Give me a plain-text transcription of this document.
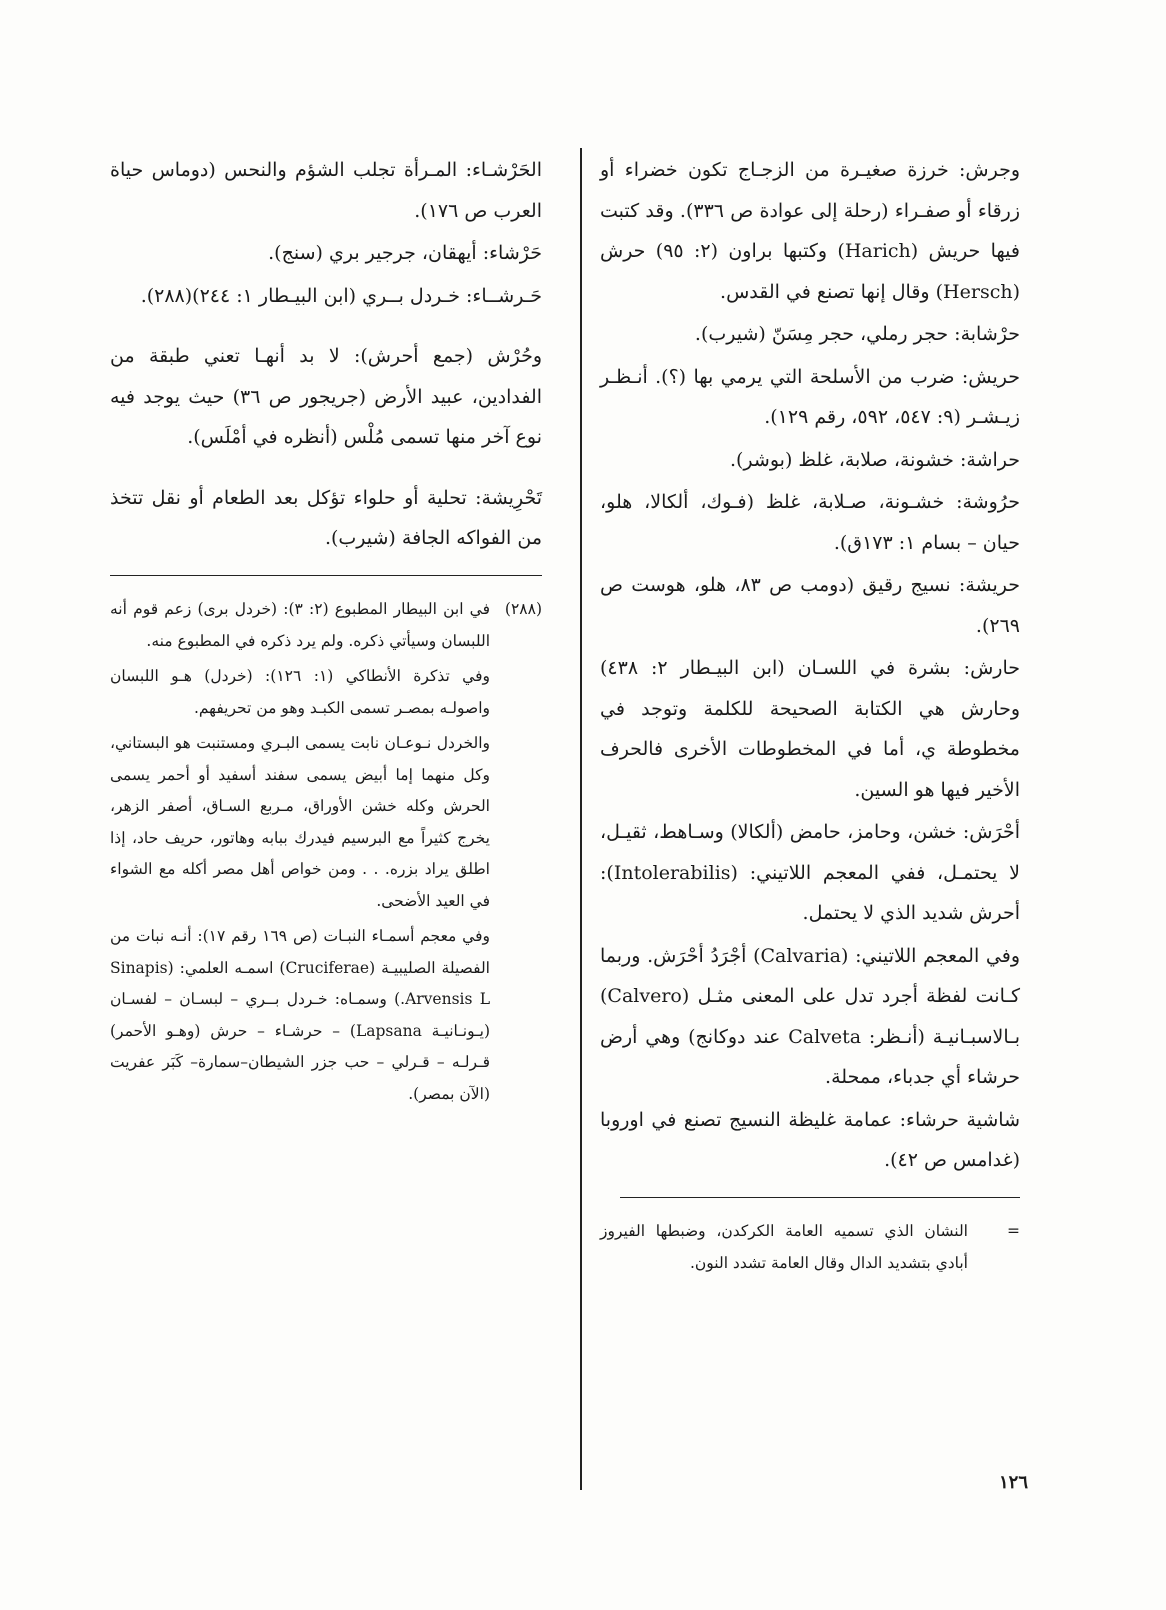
وجرش: خرزة صغيـرة من الزجـاج تكون خضراء أو زرقاء أو صفـراء (رحلة إلى عوادة ص ٣٣٦). وقد كتبت فيها حريش (Harich) وكتبها براون (٢: ٩٥) حرش (Hersch) وقال إنها تصنع في القدس.

حرْشابة: حجر رملي، حجر مِسَنّ (شيرب).

حريش: ضرب من الأسلحة التي يرمي بها (؟). أنـظـر زيـشـر (٩: ٥٤٧، ٥٩٢، رقم ١٢٩).

حراشة: خشونة، صلابة، غلظ (بوشر).

حرُوشة: خشـونة، صـلابة، غلظ (فـوك، ألكالا، هلو، حيان – بسام ١: ١٧٣ق).

حريشة: نسيج رقيق (دومب ص ٨٣، هلو، هوست ص ٢٦٩).

حارش: بشرة في اللسـان (ابن البيـطار ٢: ٤٣٨) وحارش هي الكتابة الصحيحة للكلمة وتوجد في مخطوطة ي، أما في المخطوطات الأخرى فالحرف الأخير فيها هو السين.

أحْرَش: خشن، وحامز، حامض (ألكالا) وسـاهط، ثقيـل، لا يحتمـل، ففي المعجم اللاتيني: (Intolerabilis): أحرش شديد الذي لا يحتمل.

وفي المعجم اللاتيني: (Calvaria) أجْرَدُ أحْرَش. وربما كـانت لفظة أجرد تدل على المعنى مثـل (Calvero) بـالاسبـانيـة (أنـظر: Calveta عند دوكانج) وهي أرض حرشاء أي جدباء، ممحلة.

شاشية حرشاء: عمامة غليظة النسيج تصنع في اوروبا (غدامس ص ٤٢).

=

النشان الذي تسميه العامة الكركدن، وضبطها الفيروز أبادي بتشديد الدال وقال العامة تشدد النون.

الحَرْشـاء: المـرأة تجلب الشؤم والنحس (دوماس حياة العرب ص ١٧٦).

حَرْشاء: أيهقان، جرجير بري (سنج).

حَـرشــاء: خـردل بــري (ابن البيـطار ١: ٢٤٤)(٢٨٨).

وحُرْش (جمع أحرش): لا بد أنهـا تعني طبقة من الفدادين، عبيد الأرض (جريجور ص ٣٦) حيث يوجد فيه نوع آخر منها تسمى مُلْس (أنظره في أمْلَس).

تَحْرِيشة: تحلية أو حلواء تؤكل بعد الطعام أو نقل تتخذ من الفواكه الجافة (شيرب).

(٢٨٨)

في ابن البيطار المطبوع (٢: ٣): (خردل برى) زعم قوم أنه اللبسان وسيأتي ذكره. ولم يرد ذكره في المطبوع منه.

وفي تذكرة الأنطاكي (١: ١٢٦): (خردل) هـو اللبسان واصولـه بمصـر تسمى الكبـد وهو من تحريفهم.

والخردل نـوعـان نابت يسمى البـري ومستنبت هو البستاني، وكل منهما إما أبيض يسمى سفند أسفيد أو أحمر يسمى الحرش وكله خشن الأوراق، مـربع السـاق، أصفر الزهر، يخرج كثيراً مع البرسيم فيدرك ببابه وهاتور، حريف حاد، إذا اطلق يراد بزره. . . ومن خواص أهل مصر أكله مع الشواء في العيد الأضحى.

وفي معجم أسمـاء النبـات (ص ١٦٩ رقم ١٧): أنـه نبات من الفصيلة الصليبيـة (Cruciferae) اسمـه العلمي: (Sinapis Arvensis L.) وسمـاه: خـردل بــري – لبسـان – لفسـان (يـونـانيـة Lapsana) – حرشـاء – حرش (وهـو الأحمر) قـرلـه – قـرلي – حب جزر الشيطان–سمارة– كَبَر عفريت (الآن بمصر).

١٢٦
